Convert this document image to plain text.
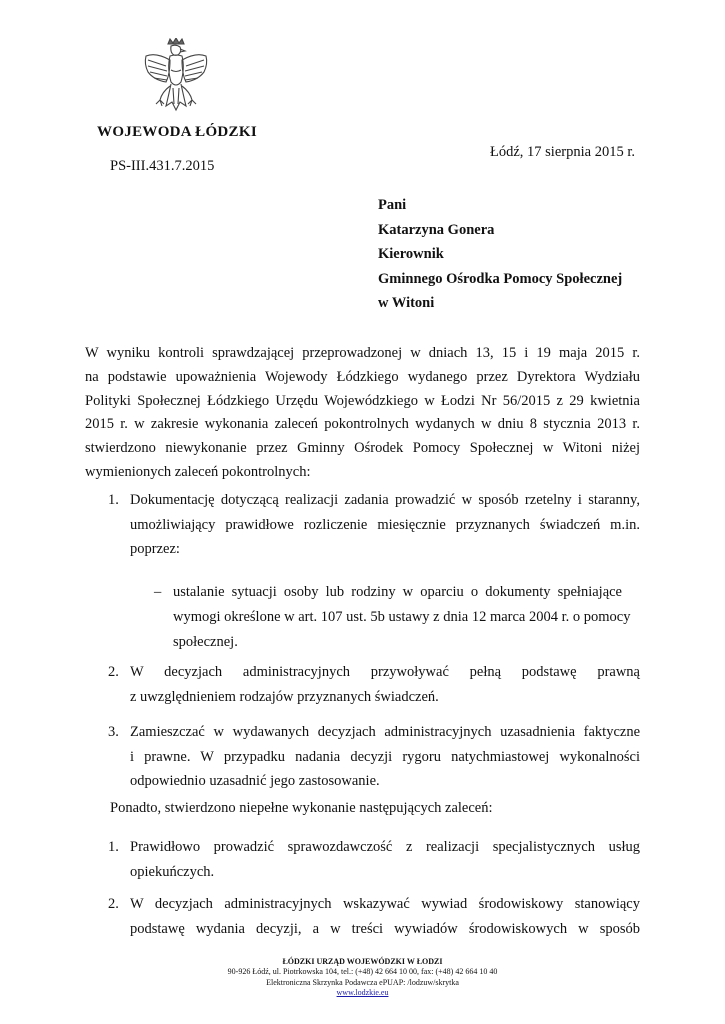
WOJEWODA ŁÓDZKI
PS-III.431.7.2015
Łódź, 17 sierpnia 2015 r.
Pani
Katarzyna Gonera
Kierownik
Gminnego Ośrodka Pomocy Społecznej
w Witoni
W wyniku kontroli sprawdzającej przeprowadzonej w dniach 13, 15 i 19 maja 2015 r.
na podstawie upoważnienia Wojewody Łódzkiego wydanego przez Dyrektora Wydziału
Polityki Społecznej Łódzkiego Urzędu Wojewódzkiego w Łodzi Nr 56/2015 z 29 kwietnia
2015 r. w zakresie wykonania zaleceń pokontrolnych wydanych w dniu 8 stycznia 2013 r.
stwierdzono niewykonanie przez Gminny Ośrodek Pomocy Społecznej w Witoni niżej
wymienionych zaleceń pokontrolnych:
1. Dokumentację dotyczącą realizacji zadania prowadzić w sposób rzetelny i staranny,
umożliwiający prawidłowe rozliczenie miesięcznie przyznanych świadczeń m.in.
poprzez:
– ustalanie sytuacji osoby lub rodziny w oparciu o dokumenty spełniające
wymogi określone w art. 107 ust. 5b ustawy z dnia 12 marca 2004 r. o pomocy
społecznej.
2. W decyzjach administracyjnych przywoływać pełną podstawę prawną
z uwzględnieniem rodzajów przyznanych świadczeń.
3. Zamieszczać w wydawanych decyzjach administracyjnych uzasadnienia faktyczne
i prawne. W przypadku nadania decyzji rygoru natychmiastowej wykonalności
odpowiednio uzasadnić jego zastosowanie.
Ponadto, stwierdzono niepełne wykonanie następujących zaleceń:
1. Prawidłowo prowadzić sprawozdawczość z realizacji specjalistycznych usług
opiekuńczych.
2. W decyzjach administracyjnych wskazywać wywiad środowiskowy stanowiący
podstawę wydania decyzji, a w treści wywiadów środowiskowych w sposób
ŁÓDZKI URZĄD WOJEWÓDZKI W ŁODZI
90-926 Łódź, ul. Piotrkowska 104, tel.: (+48) 42 664 10 00, fax: (+48) 42 664 10 40
Elektroniczna Skrzynka Podawcza ePUAP: /lodzuw/skrytka
www.lodzkie.eu
